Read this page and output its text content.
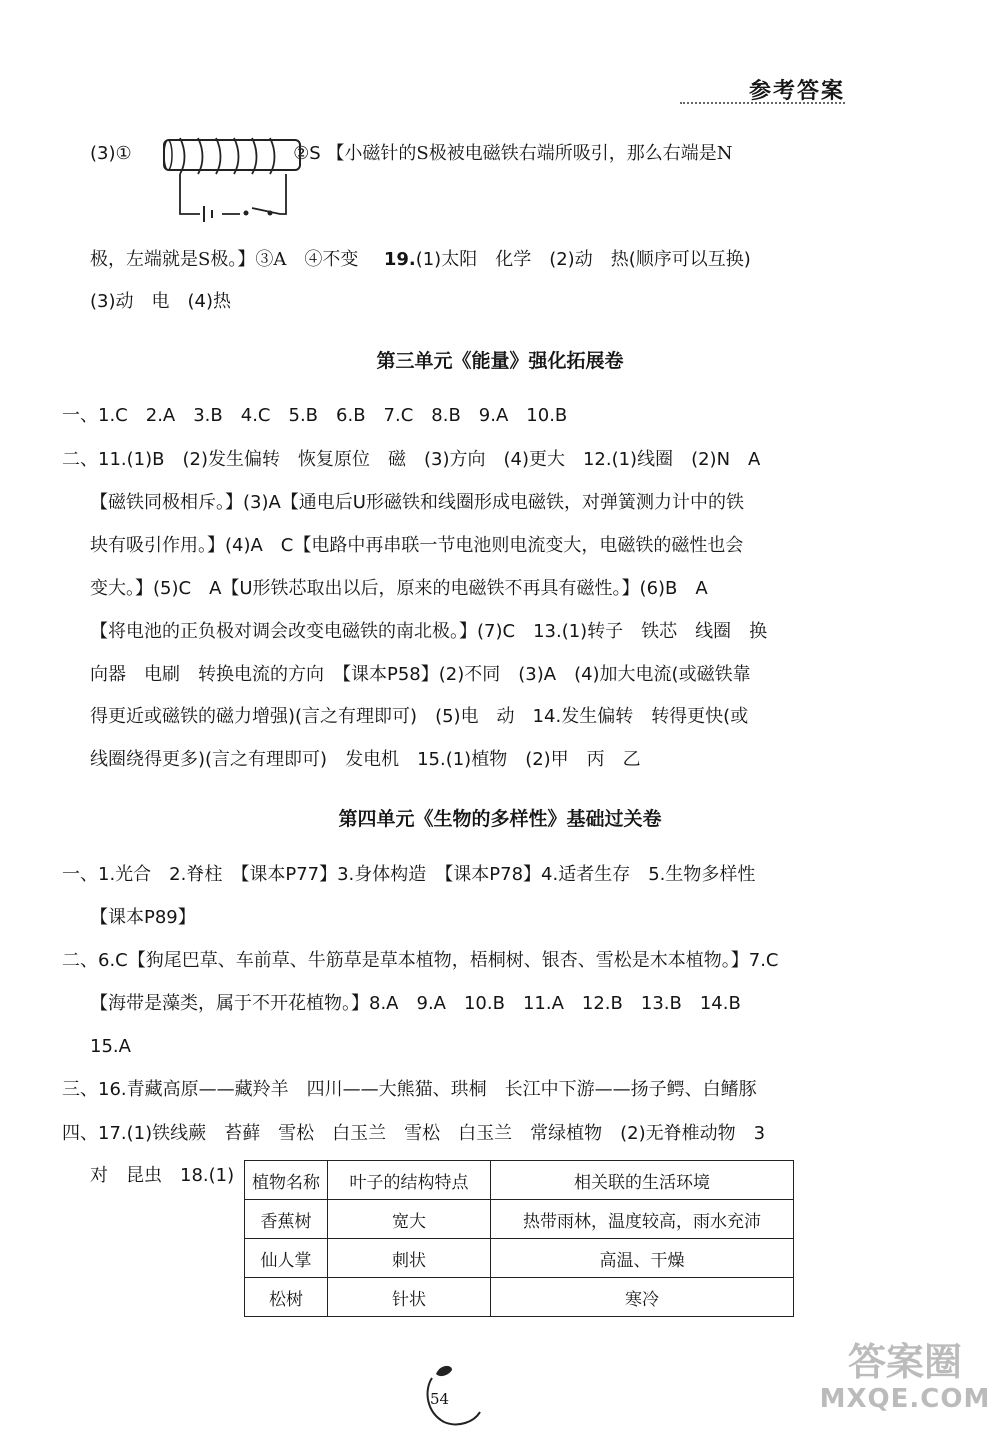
参考答案
(3)①	②S 【小磁针的S极被电磁铁右端所吸引，那么右端是N
极，左端就是S极。】③A　④不变 19.(1)太阳　化学　(2)动　热(顺序可以互换)
(3)动　电　(4)热
第三单元《能量》强化拓展卷
一、1.C　2.A　3.B　4.C　5.B　6.B　7.C　8.B　9.A　10.B
二、11.(1)B　(2)发生偏转　恢复原位　磁　(3)方向　(4)更大　12.(1)线圈　(2)N　A
【磁铁同极相斥。】(3)A【通电后U形磁铁和线圈形成电磁铁，对弹簧测力计中的铁
块有吸引作用。】(4)A　C【电路中再串联一节电池则电流变大，电磁铁的磁性也会
变大。】(5)C　A【U形铁芯取出以后，原来的电磁铁不再具有磁性。】(6)B　A
【将电池的正负极对调会改变电磁铁的南北极。】(7)C　13.(1)转子　铁芯　线圈　换
向器　电刷　转换电流的方向　【课本P58】(2)不同　(3)A　(4)加大电流(或磁铁靠
得更近或磁铁的磁力增强)(言之有理即可)　(5)电　动　14.发生偏转　转得更快(或
线圈绕得更多)(言之有理即可)　发电机　15.(1)植物　(2)甲　丙　乙
第四单元《生物的多样性》基础过关卷
一、1.光合　2.脊柱　【课本P77】3.身体构造　【课本P78】4.适者生存　5.生物多样性
【课本P89】
二、6.C【狗尾巴草、车前草、牛筋草是草本植物，梧桐树、银杏、雪松是木本植物。】7.C
【海带是藻类，属于不开花植物。】8.A　9.A　10.B　11.A　12.B　13.B　14.B
15.A
三、16.青藏高原——藏羚羊　四川——大熊猫、珙桐　长江中下游——扬子鳄、白鳍豚
四、17.(1)铁线蕨　苔藓　雪松　白玉兰　雪松　白玉兰　常绿植物　(2)无脊椎动物　3
对　昆虫　18.(1)	植物名称	叶子的结构特点	相关联的生活环境
香蕉树	宽大	热带雨林，温度较高，雨水充沛
仙人掌	刺状	高温、干燥
松树	针状	寒冷
54
答案圈
MXQE.COM
